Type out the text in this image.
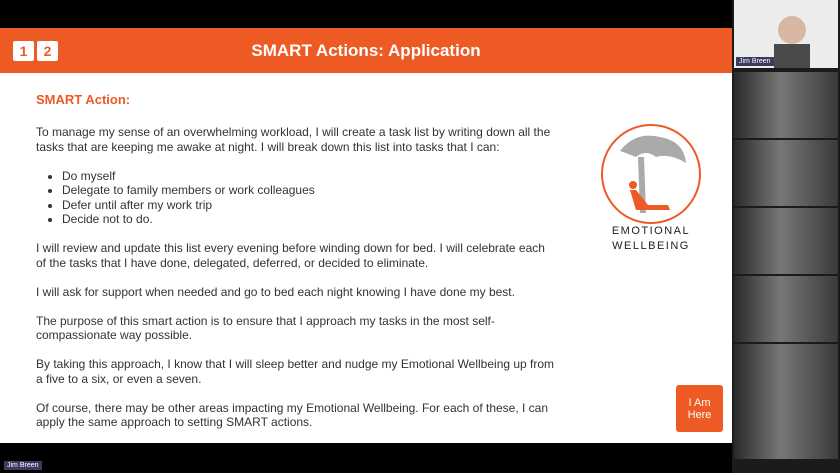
SMART Actions: Application
1	2
SMART Action:

To manage my sense of an overwhelming workload, I will create a task list by writing down all the tasks that are keeping me awake at night. I will break down this list into tasks that I can:

• Do myself
• Delegate to family members or work colleagues
• Defer until after my work trip
• Decide not to do.

I will review and update this list every evening before winding down for bed. I will celebrate each of the tasks that I have done, delegated, deferred, or decided to eliminate.

I will ask for support when needed and go to bed each night knowing I have done my best.

The purpose of this smart action is to ensure that I approach my tasks in the most self-compassionate way possible.

By taking this approach, I know that I will sleep better and nudge my Emotional Wellbeing up from a five to a six, or even a seven.

Of course, there may be other areas impacting my Emotional Wellbeing. For each of these, I can apply the same approach to setting SMART actions.

EMOTIONAL
WELLBEING
I Am
Here
Jim Breen
Jim Breen
